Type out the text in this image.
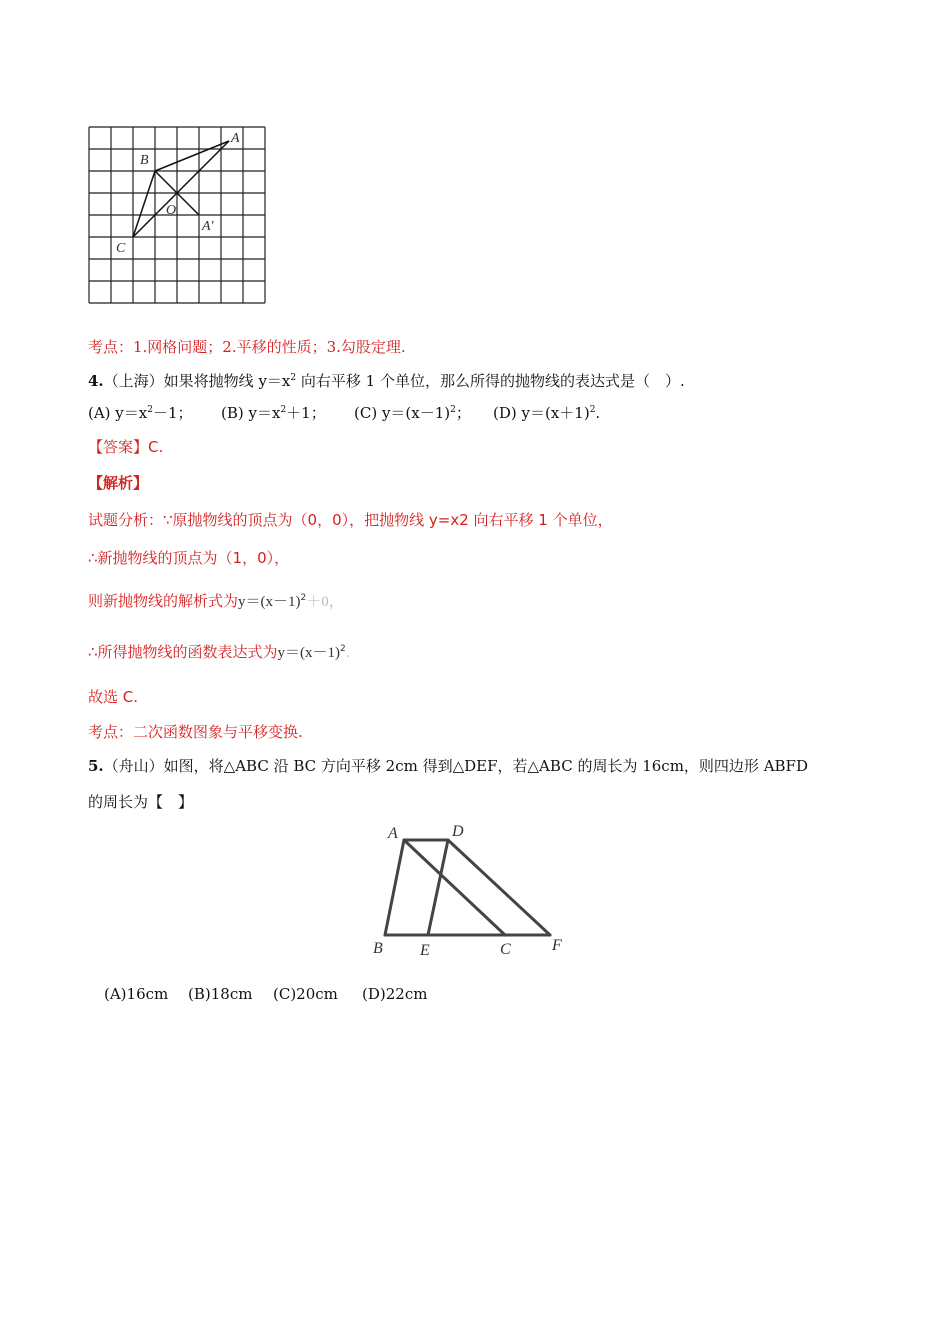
A
B
C
O
A′
考点：1.网格问题；2.平移的性质；3.勾股定理.
4.（上海）如果将抛物线 $y=x^2$ 向右平移 1 个单位，那么所得的抛物线的表达式是（　）.
(A) $y=x^2-1$； (B) $y=x^2+1$； (C) $y=(x-1)^2$； (D) $y=(x+1)^2$.
【答案】C.
【解析】
试题分析：∵原抛物线的顶点为（0，0），把抛物线 y=x2 向右平移 1 个单位，
∴新抛物线的顶点为（1，0），
则新抛物线的解析式为$y=(x-1)^2+0$，
∴所得抛物线的函数表达式为$y=(x-1)^2$.
故选 C.
考点：二次函数图象与平移变换.
5.（舟山）如图，将△ABC 沿 BC 方向平移 2cm 得到△DEF，若△ABC 的周长为 16cm，则四边形 ABFD
的周长为【　】
A	D
B E	C	F
(A)16cm (B)18cm (C)20cm (D)22cm
